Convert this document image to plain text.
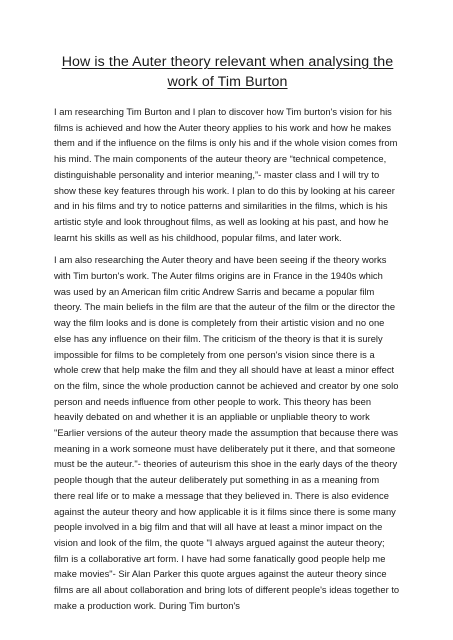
How is the Auter theory relevant when analysing the work of Tim Burton

I am researching Tim Burton and I plan to discover how Tim burton's vision for his films is achieved and how the Auter theory applies to his work and how he makes them and if the influence on the films is only his and if the whole vision comes from his mind. The main components of the auteur theory are “technical competence, distinguishable personality and interior meaning,”- master class and I will try to show these key features through his work. I plan to do this by looking at his career and in his films and try to notice patterns and similarities in the films, which is his artistic style and look throughout films, as well as looking at his past, and how he learnt his skills as well as his childhood, popular films, and later work.

I am also researching the Auter theory and have been seeing if the theory works with Tim burton's work. The Auter films origins are in France in the 1940s which was used by an American film critic Andrew Sarris and became a popular film theory. The main beliefs in the film are that the auteur of the film or the director the way the film looks and is done is completely from their artistic vision and no one else has any influence on their film. The criticism of the theory is that it is surely impossible for films to be completely from one person's vision since there is a whole crew that help make the film and they all should have at least a minor effect on the film, since the whole production cannot be achieved and creator by one solo person and needs influence from other people to work. This theory has been heavily debated on and whether it is an appliable or unpliable theory to work "Earlier versions of the auteur theory made the assumption that because there was meaning in a work someone must have deliberately put it there, and that someone must be the auteur."- theories of auteurism this shoe in the early days of the theory people though that the auteur deliberately put something in as a meaning from there real life or to make a message that they believed in. There is also evidence against the auteur theory and how applicable it is it films since there is some many people involved in a big film and that will all have at least a minor impact on the vision and look of the film, the quote "I always argued against the auteur theory; film is a collaborative art form. I have had some fanatically good people help me make movies"- Sir Alan Parker this quote argues against the auteur theory since films are all about collaboration and bring lots of different people's ideas together to make a production work. During Tim burton's
